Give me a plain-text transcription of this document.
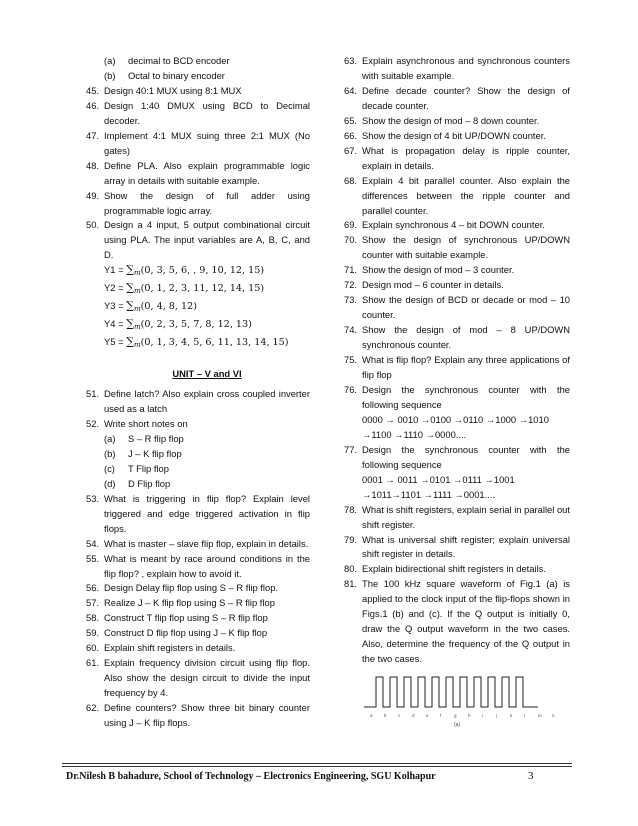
(a)	decimal to BCD encoder
(b)	Octal to binary encoder
45. Design 40:1 MUX using 8:1 MUX
46. Design 1:40 DMUX using BCD to Decimal decoder.
47. Implement 4:1 MUX suing three 2:1 MUX (No gates)
48. Define PLA. Also explain programmable logic array in details with suitable example.
49. Show the design of full adder using programmable logic array.
50. Design a 4 input, 5 output combinational circuit using PLA. The input variables are A, B, C, and D.
$Y1 = \sum_m(0$, 3, 5, 6, , 9, 10, 12, 15)
$Y2 = \sum_m(0$, 1, 2, 3, 11, 12, 14, 15)
$Y3 = \sum_m(0$, 4, 8, 12)
$Y4 = \sum_m(0$, 2, 3, 5, 7, 8, 12, 13)
$Y5 = \sum_m(0$, 1, 3, 4, 5, 6, 11, 13, 14, 15)
UNIT – V and VI
51. Define latch? Also explain cross coupled inverter used as a latch
52. Write short notes on
(a)	S – R flip flop
(b)	J – K flip flop
(c)	T Flip flop
(d)	D Flip flop
53. What is triggering in flip flop? Explain level triggered and edge triggered activation in flip flops.
54. What is master – slave flip flop, explain in details.
55. What is meant by race around conditions in the flip flop? , explain how to avoid it.
56. Design Delay flip flop using S – R flip flop.
57. Realize J – K flip flop using S – R flip flop
58. Construct T flip flop using S – R flip flop
59. Construct D flip flop using J – K flip flop
60. Explain shift registers in details.
61. Explain frequency division circuit using flip flop. Also show the design circuit to divide the input frequency by 4.
62. Define counters? Show three bit binary counter using J – K flip flops.
63. Explain asynchronous and synchronous counters with suitable example.
64. Define decade counter? Show the design of decade counter.
65. Show the design of mod – 8 down counter.
66. Show the design of 4 bit UP/DOWN counter.
67. What is propagation delay is ripple counter, explain in details.
68. Explain 4 bit parallel counter. Also explain the differences between the ripple counter and parallel counter.
69. Explain synchronous 4 – bit DOWN counter.
70. Show the design of synchronous UP/DOWN counter with suitable example.
71. Show the design of mod – 3 counter.
72. Design mod – 6 counter in details.
73. Show the design of BCD or decade or mod – 10 counter.
74. Show the design of mod – 8 UP/DOWN synchronous counter.
75. What is flip flop? Explain any three applications of flip flop
76. Design the synchronous counter with the following sequence
0000 → 0010 →0100 →0110 →1000 →1010
→1100 →1110 →0000....
77. Design the synchronous counter with the following sequence
0001 → 0011 →0101 →0111 →1001
→1011→1101 →1111 →0001....
78. What is shift registers, explain serial in parallel out shift register.
79. What is universal shift register; explain universal shift register in details.
80. Explain bidirectional shift registers in details.
81. The 100 kHz square waveform of Fig.1 (a) is applied to the clock input of the flip-flops shown in Figs.1 (b) and (c). If the Q output is initially 0, draw the Q output waveform in the two cases. Also, determine the frequency of the Q output in the two cases.
a	b	c	d	e	f	g	h	i	j	k	l	m n
(a)
Dr.Nilesh B bahadure, School of Technology – Electronics Engineering, SGU Kolhapur	3
